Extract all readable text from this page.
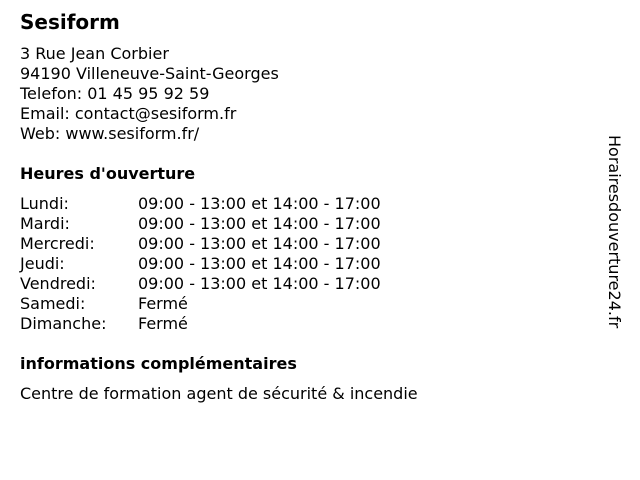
Sesiform
3 Rue Jean Corbier
94190 Villeneuve-Saint-Georges
Telefon: 01 45 95 92 59
Email: contact@sesiform.fr
Web: www.sesiform.fr/
Heures d'ouverture
Lundi:	09:00 - 13:00 et 14:00 - 17:00
Mardi:	09:00 - 13:00 et 14:00 - 17:00
Mercredi:	09:00 - 13:00 et 14:00 - 17:00
Jeudi:	09:00 - 13:00 et 14:00 - 17:00
Vendredi:	09:00 - 13:00 et 14:00 - 17:00
Samedi:	Fermé
Dimanche: Fermé
informations complémentaires
Centre de formation agent de sécurité & incendie
Horairesdouverture24.fr
